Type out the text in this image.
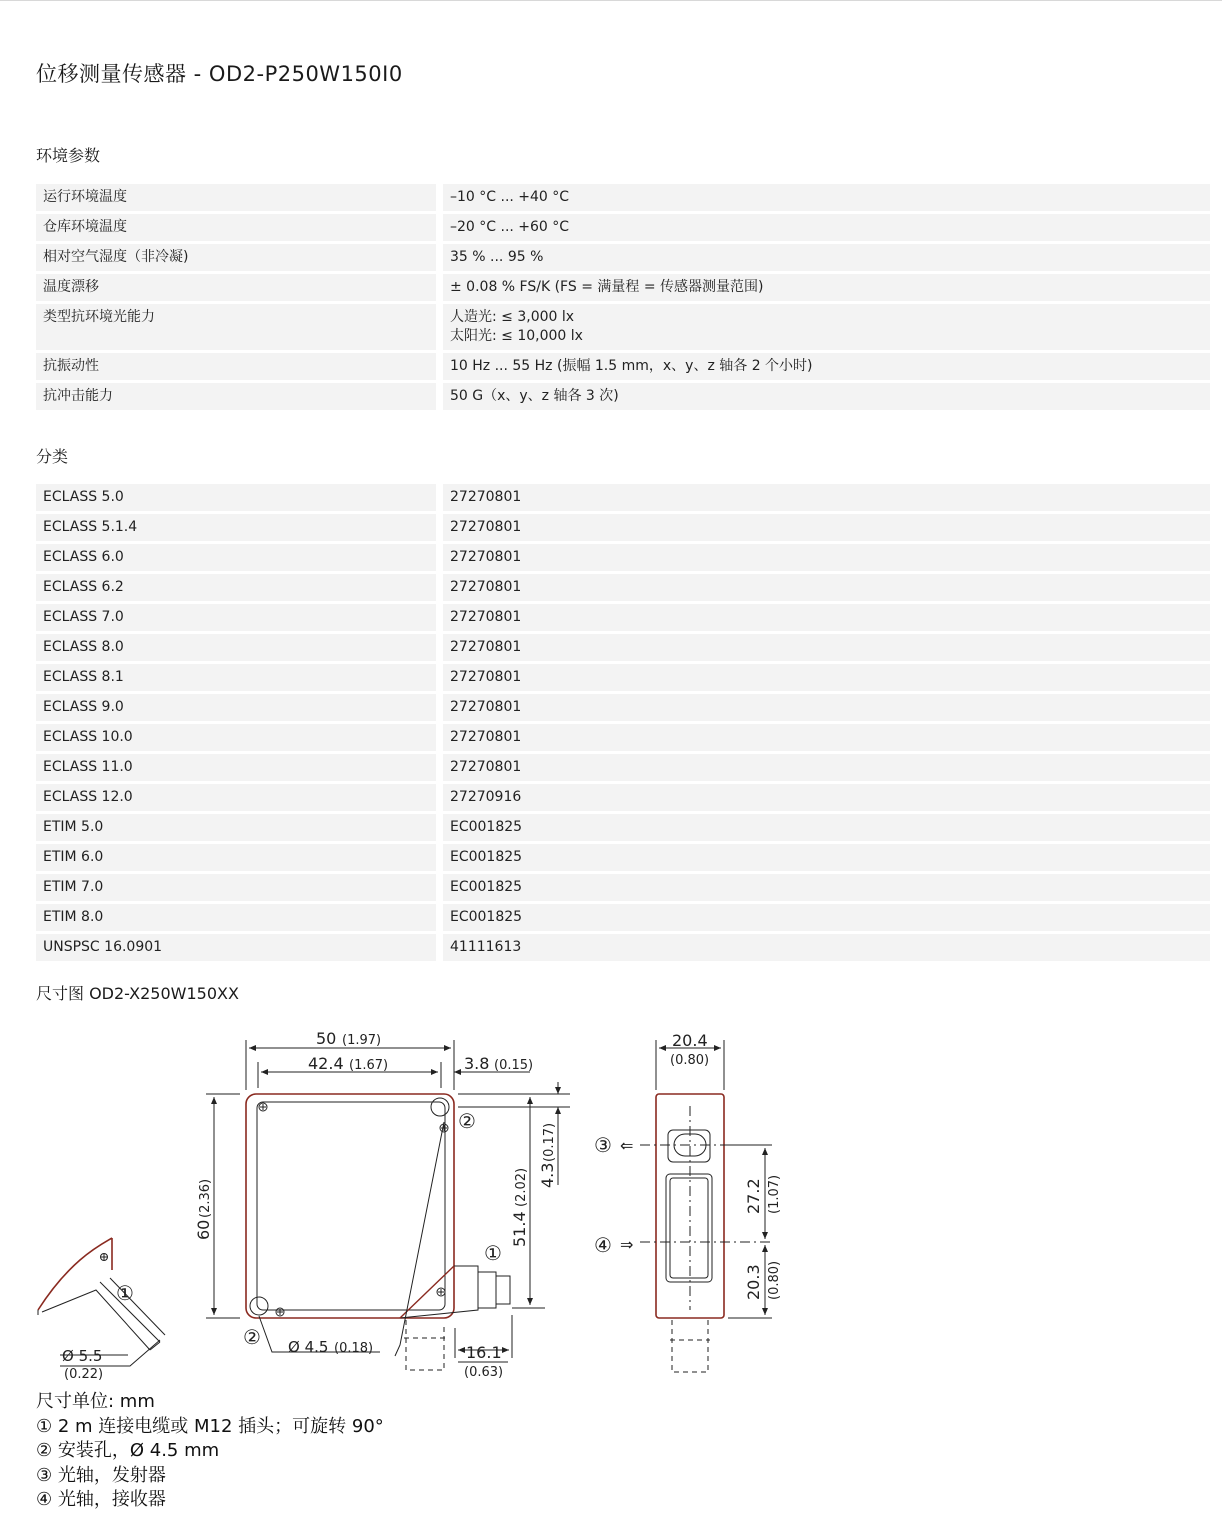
位移测量传感器 - OD2-P250W150I0
环境参数
运行环境温度	–10 °C ... +40 °C
仓库环境温度	–20 °C ... +60 °C
相对空气湿度（非冷凝)	35 % ... 95 %
温度漂移	± 0.08 % FS/K (FS = 满量程 = 传感器测量范围)
类型抗环境光能力	人造光: ≤ 3,000 lx
太阳光: ≤ 10,000 lx

抗振动性	10 Hz ... 55 Hz (振幅 1.5 mm，x、y、z 轴各 2 个小时)
抗冲击能力	50 G（x、y、z 轴各 3 次)
分类
ECLASS 5.0	27270801
ECLASS 5.1.4	27270801
ECLASS 6.0	27270801
ECLASS 6.2	27270801
ECLASS 7.0	27270801
ECLASS 8.0	27270801
ECLASS 8.1	27270801
ECLASS 9.0	27270801
ECLASS 10.0	27270801
ECLASS 11.0	27270801
ECLASS 12.0	27270916
ETIM 5.0	EC001825
ETIM 6.0	EC001825
ETIM 7.0	EC001825
ETIM 8.0	EC001825
UNSPSC 16.0901	41111613
尺寸图 OD2-X250W150XX
50 (1.97)
42.4 (1.67)	3.8 (0.15)
60
(2.36)
51.4
(2.02) 4.3
(0.17)
Ø 4.5 (0.18)	16.1
(0.63)
Ø 5.5
(0.22)
20.4
(0.80)
27.2 (1.07)
20.3 (0.80)
①
①
②
②
③ ⇐
④ ⇒
尺寸单位: mm
① 2 m 连接电缆或 M12 插头；可旋转 90°
② 安装孔，Ø 4.5 mm
③ 光轴，发射器
④ 光轴，接收器
